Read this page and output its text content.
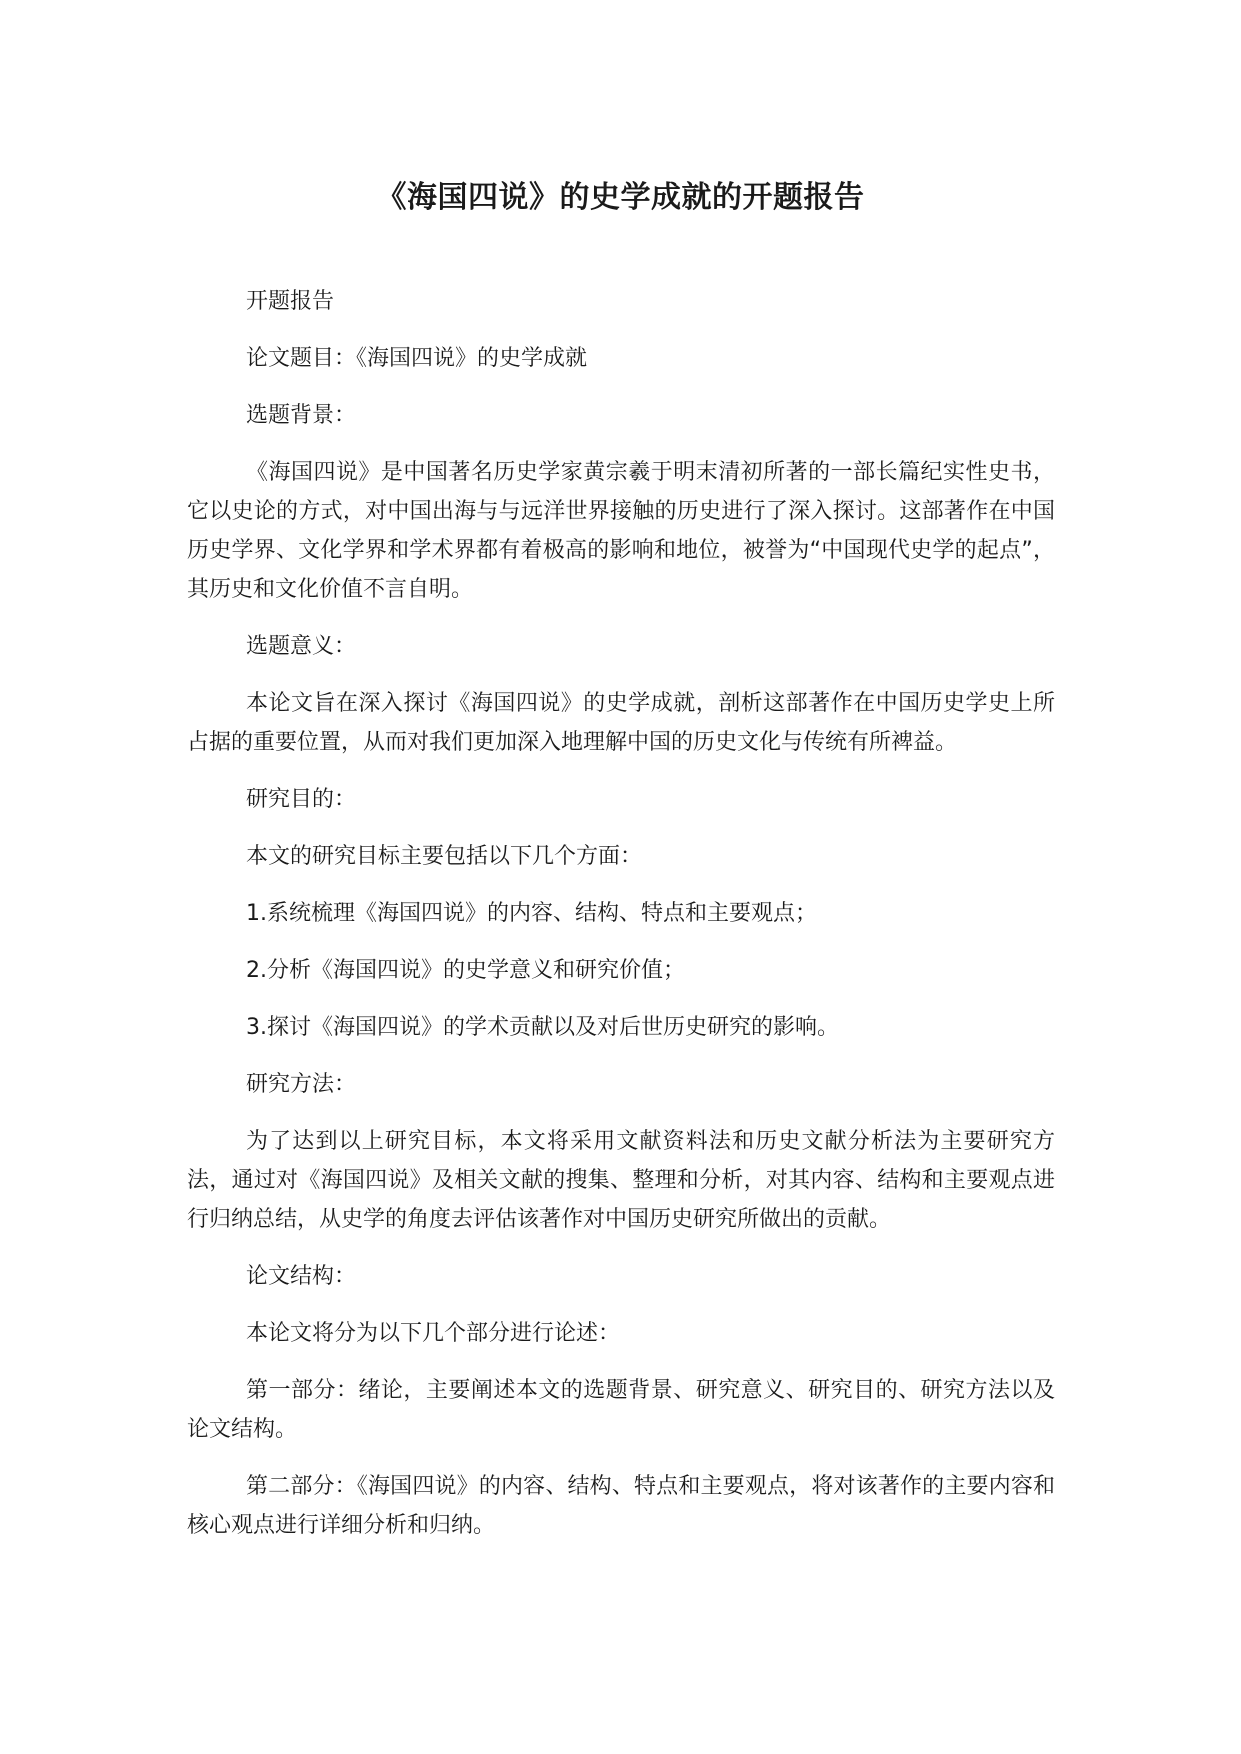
《海国四说》的史学成就的开题报告

开题报告

论文题目：《海国四说》的史学成就

选题背景：

《海国四说》是中国著名历史学家黄宗羲于明末清初所著的一部长篇纪实性史书，它以史论的方式，对中国出海与与远洋世界接触的历史进行了深入探讨。这部著作在中国历史学界、文化学界和学术界都有着极高的影响和地位，被誉为“中国现代史学的起点”，其历史和文化价值不言自明。

选题意义：

本论文旨在深入探讨《海国四说》的史学成就，剖析这部著作在中国历史学史上所占据的重要位置，从而对我们更加深入地理解中国的历史文化与传统有所裨益。

研究目的：

本文的研究目标主要包括以下几个方面：

1.系统梳理《海国四说》的内容、结构、特点和主要观点；

2.分析《海国四说》的史学意义和研究价值；

3.探讨《海国四说》的学术贡献以及对后世历史研究的影响。

研究方法：

为了达到以上研究目标，本文将采用文献资料法和历史文献分析法为主要研究方法，通过对《海国四说》及相关文献的搜集、整理和分析，对其内容、结构和主要观点进行归纳总结，从史学的角度去评估该著作对中国历史研究所做出的贡献。

论文结构：

本论文将分为以下几个部分进行论述：

第一部分：绪论，主要阐述本文的选题背景、研究意义、研究目的、研究方法以及论文结构。

第二部分：《海国四说》的内容、结构、特点和主要观点，将对该著作的主要内容和核心观点进行详细分析和归纳。
